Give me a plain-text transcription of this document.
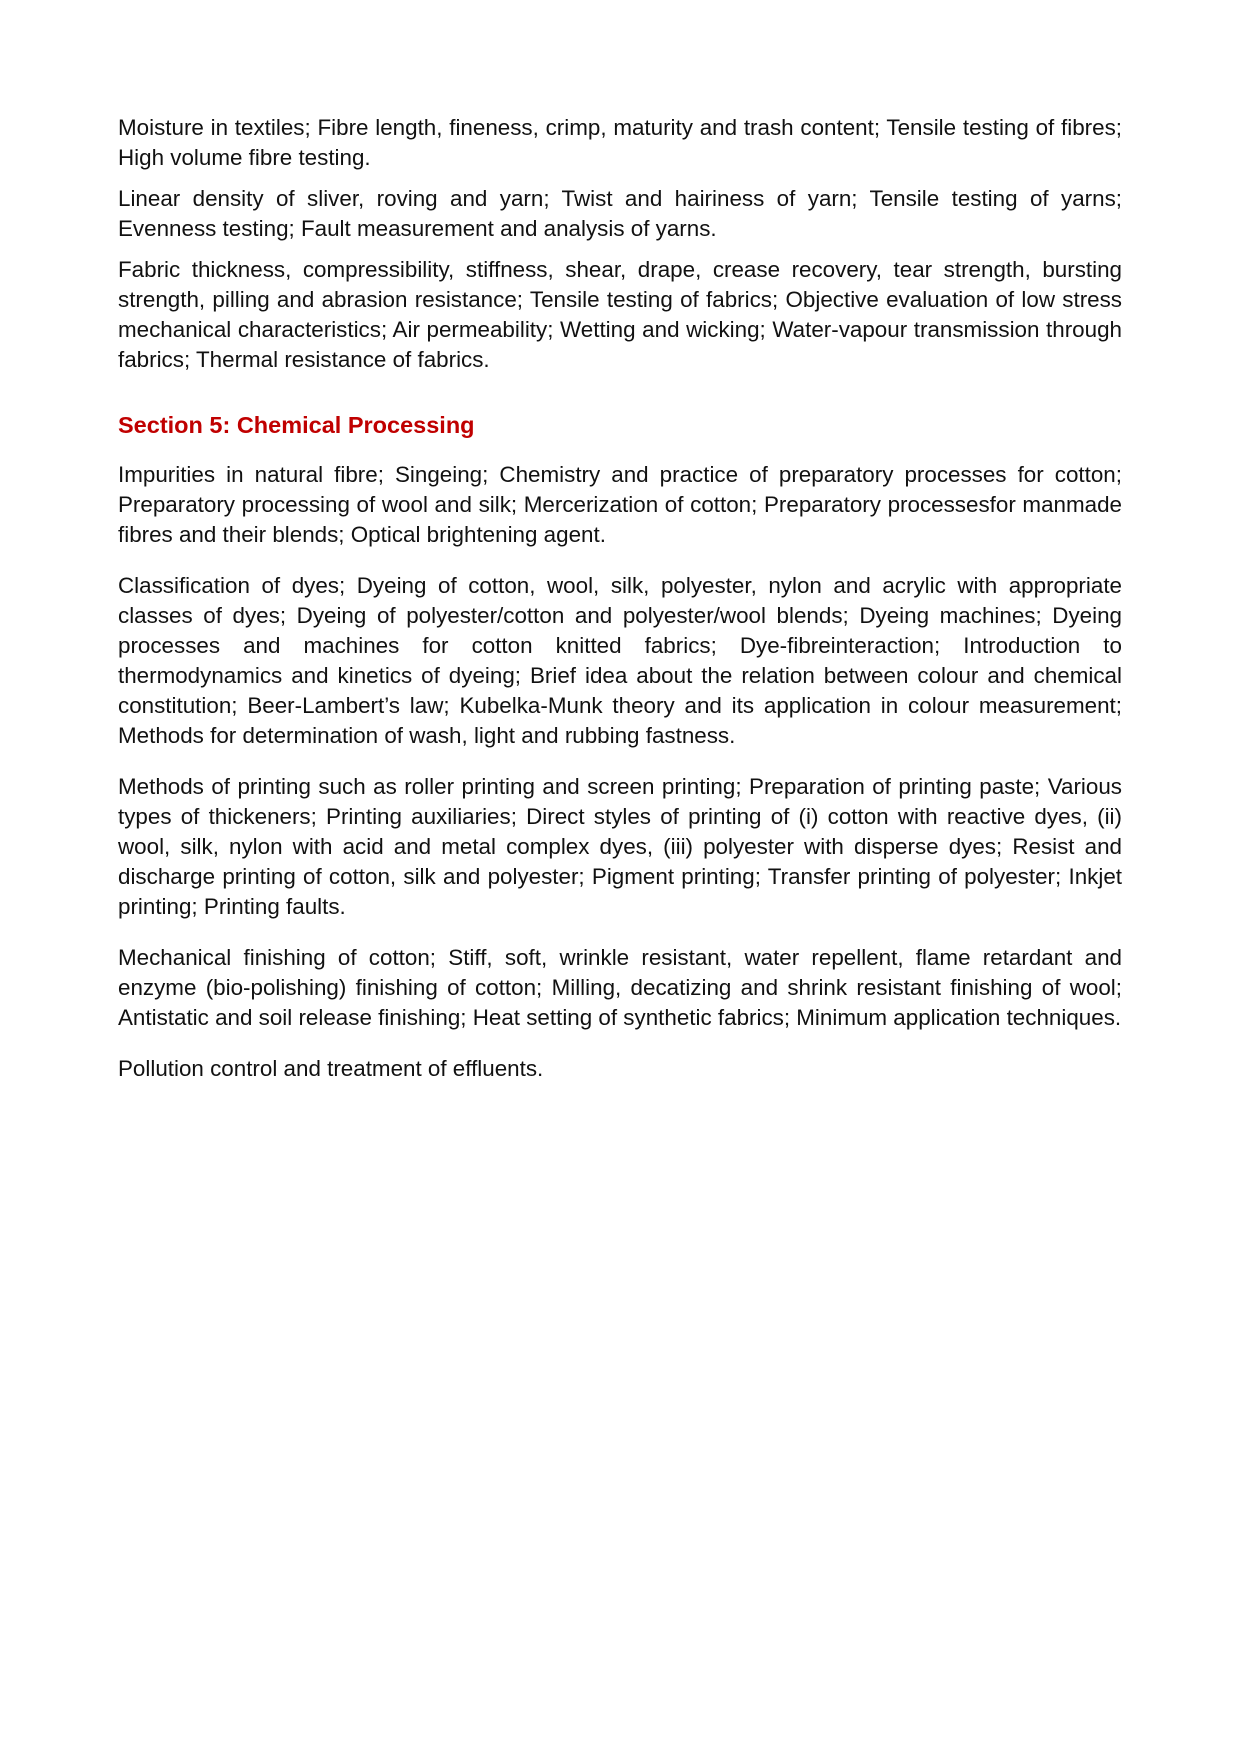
Moisture in textiles; Fibre length, fineness, crimp, maturity and trash content; Tensile testing of fibres; High volume fibre testing.

Linear density of sliver, roving and yarn; Twist and hairiness of yarn; Tensile testing of yarns; Evenness testing; Fault measurement and analysis of yarns.

Fabric thickness, compressibility, stiffness, shear, drape, crease recovery, tear strength, bursting strength, pilling and abrasion resistance; Tensile testing of fabrics; Objective evaluation of low stress mechanical characteristics; Air permeability; Wetting and wicking; Water-vapour transmission through fabrics; Thermal resistance of fabrics.

Section 5: Chemical Processing

Impurities in natural fibre; Singeing; Chemistry and practice of preparatory processes for cotton; Preparatory processing of wool and silk; Mercerization of cotton; Preparatory processesfor manmade fibres and their blends; Optical brightening agent.

Classification of dyes; Dyeing of cotton, wool, silk, polyester, nylon and acrylic with appropriate classes of dyes; Dyeing of polyester/cotton and polyester/wool blends; Dyeing machines; Dyeing processes and machines for cotton knitted fabrics; Dye-fibreinteraction; Introduction to thermodynamics and kinetics of dyeing; Brief idea about the relation between colour and chemical constitution; Beer-Lambert’s law; Kubelka-Munk theory and its application in colour measurement; Methods for determination of wash, light and rubbing fastness.

Methods of printing such as roller printing and screen printing; Preparation of printing paste; Various types of thickeners; Printing auxiliaries; Direct styles of printing of (i) cotton with reactive dyes, (ii) wool, silk, nylon with acid and metal complex dyes, (iii) polyester with disperse dyes; Resist and discharge printing of cotton, silk and polyester; Pigment printing; Transfer printing of polyester; Inkjet printing; Printing faults.

Mechanical finishing of cotton; Stiff, soft, wrinkle resistant, water repellent, flame retardant and enzyme (bio-polishing) finishing of cotton; Milling, decatizing and shrink resistant finishing of wool; Antistatic and soil release finishing; Heat setting of synthetic fabrics; Minimum application techniques.

Pollution control and treatment of effluents.
